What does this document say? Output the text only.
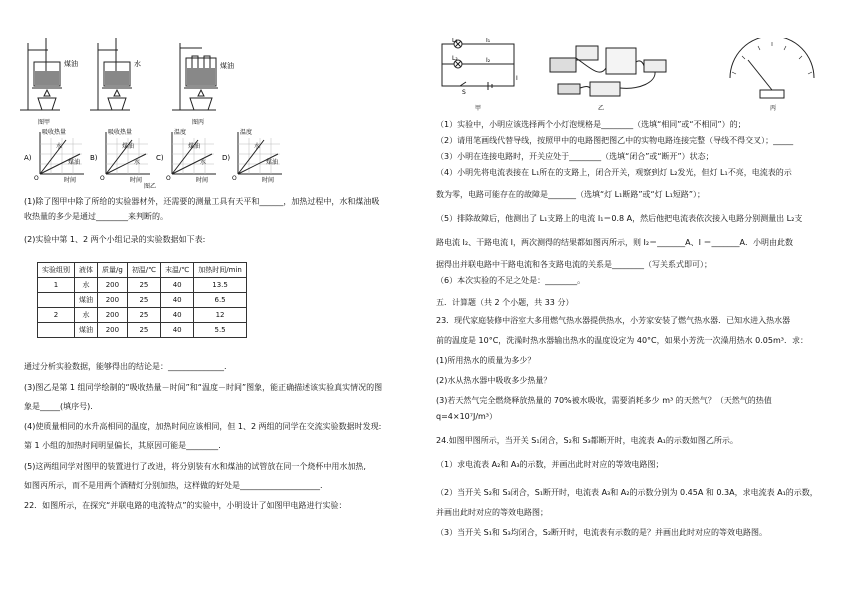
煤油	水	煤油
图甲	图丙
A)
吸收热量
时间
O
水
煤油
B)
吸收热量
时间
O
煤油
水
C)
温度
时间
O
煤油
水
D)
温度
时间
O
水
煤油
图乙
(1)除了图甲中除了所给的实验器材外，还需要的测量工具有天平和______，加热过程中，水和煤油吸
收热量的多少是通过________来判断的。
(2)实验中第 1、2 两个小组记录的实验数据如下表:
实验组别	液体	质量/g	初温/℃	末温/℃	加热时间/min
1	水	200	25	40	13.5
	煤油	200	25	40	6.5
2	水	200	25	40	12
	煤油	200	25	40	5.5
通过分析实验数据，能够得出的结论是：______________.
(3)图乙是第 1 组同学绘制的“吸收热量－时间”和“温度－时间”图象，能正确描述该实验真实情况的图
象是_____(填序号).
(4)使质量相同的水升高相同的温度，加热时间应该相同，但 1、2 两组的同学在交流实验数据时发现:
第 1 小组的加热时间明显偏长，其原因可能是________.
(5)这两组同学对图甲的装置进行了改进，将分别装有水和煤油的试管放在同一个烧杯中用水加热,
如图丙所示，而不是用两个酒精灯分别加热，这样做的好处是____________________.
22．如图所示，在探究“并联电路的电流特点”的实验中，小明设计了如图甲电路进行实验：
L₁
L₂
I₁
I₂
I
S
甲	乙	丙
（1）实验中，小明应该选择两个小灯泡规格是________（选填“相同”或“不相同”）的；
（2）请用笔画线代替导线，按照甲中的电路图把图乙中的实物电路连接完整（导线不得交叉）；_____
（3）小明在连接电路时，开关应处于________（选填“闭合”或“断开”）状态；
（4）小明先将电流表接在 L₁所在的支路上，闭合开关，观察到灯 L₂发光，但灯 L₁不亮，电流表的示
数为零，电路可能存在的故障是_______（选填“灯 L₁断路”或“灯 L₁短路”）；
（5）排除故障后，他测出了 L₁支路上的电流 I₁＝0.8 A，然后他把电流表依次接入电路分别测量出 L₂支
路电流 I₂、干路电流 I，两次测得的结果都如图丙所示，则 I₂＝_______A、I ＝_______A．小明由此数
据得出并联电路中干路电流和各支路电流的关系是________（写关系式即可）；
（6）本次实验的不足之处是：________。
五．计算题（共 2 个小题，共 33 分）
23．现代家庭装修中浴室大多用燃气热水器提供热水，小芳家安装了燃气热水器．已知水进入热水器
前的温度是 10°C，洗澡时热水器输出热水的温度设定为 40°C，如果小芳洗一次澡用热水 0.05m³．求：
(1)所用热水的质量为多少？
(2)水从热水器中吸收多少热量？
(3)若天然气完全燃烧释放热量的 70%被水吸收，需要消耗多少 m³ 的天然气？（天然气的热值
q=4×10⁷J/m³）
24.如图甲图所示，当开关 S₁闭合，S₂和 S₃都断开时，电流表 A₁的示数如图乙所示。
（1）求电流表 A₂和 A₃的示数，并画出此时对应的等效电路图；
（2）当开关 S₂和 S₃闭合，S₁断开时，电流表 A₃和 A₂的示数分别为 0.45A 和 0.3A，求电流表 A₁的示数，
并画出此时对应的等效电路图；
（3）当开关 S₁和 S₃均闭合，S₂断开时，电流表有示数的是？并画出此时对应的等效电路图。
